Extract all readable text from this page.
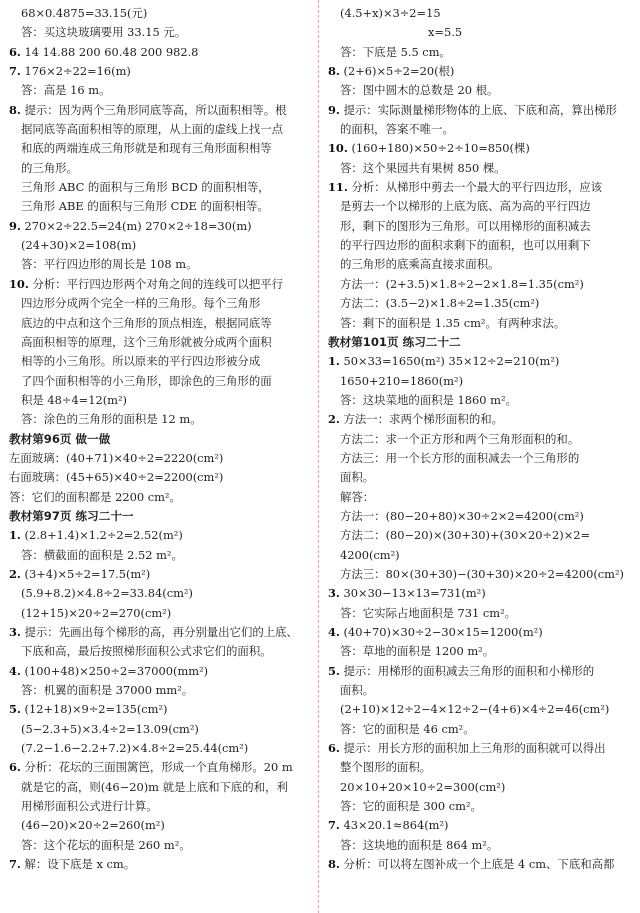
68×0.4875=33.15(元)
答：买这块玻璃要用 33.15 元。
6. 14 14.88 200 60.48 200 982.8
7. 176×2÷22=16(m)
答：高是 16 m。
8. 提示：因为两个三角形同底等高，所以面积相等。根
据同底等高面积相等的原理，从上面的虚线上找一点
和底的两端连成三角形就是和现有三角形面积相等
的三角形。
三角形 ABC 的面积与三角形 BCD 的面积相等，
三角形 ABE 的面积与三角形 CDE 的面积相等。
9. 270×2÷22.5=24(m) 270×2÷18=30(m)
(24+30)×2=108(m)
答：平行四边形的周长是 108 m。
10. 分析：平行四边形两个对角之间的连线可以把平行
四边形分成两个完全一样的三角形。每个三角形
底边的中点和这个三角形的顶点相连，根据同底等
高面积相等的原理，这个三角形就被分成两个面积
相等的小三角形。所以原来的平行四边形被分成
了四个面积相等的小三角形，即涂色的三角形的面
积是 48÷4=12(m²)
答：涂色的三角形的面积是 12 m。
教材第96页 做一做
左面玻璃：(40+71)×40÷2=2220(cm²)
右面玻璃：(45+65)×40÷2=2200(cm²)
答：它们的面积都是 2200 cm²。
教材第97页 练习二十一
1. (2.8+1.4)×1.2÷2=2.52(m²)
答：横截面的面积是 2.52 m²。
2. (3+4)×5÷2=17.5(m²)
(5.9+8.2)×4.8÷2=33.84(cm²)
(12+15)×20÷2=270(cm²)
3. 提示：先画出每个梯形的高，再分别量出它们的上底、
下底和高，最后按照梯形面积公式求它们的面积。
4. (100+48)×250÷2=37000(mm²)
答：机翼的面积是 37000 mm²。
5. (12+18)×9÷2=135(cm²)
(5−2.3+5)×3.4÷2=13.09(cm²)
(7.2−1.6−2.2+7.2)×4.8÷2=25.44(cm²)
6. 分析：花坛的三面围篱笆，形成一个直角梯形。20 m
就是它的高，则(46−20)m 就是上底和下底的和，利
用梯形面积公式进行计算。
(46−20)×20÷2=260(m²)
答：这个花坛的面积是 260 m²。
7. 解：设下底是 x cm。
(4.5+x)×3÷2=15
x=5.5
答：下底是 5.5 cm。
8. (2+6)×5÷2=20(根)
答：图中圆木的总数是 20 根。
9. 提示：实际测量梯形物体的上底、下底和高，算出梯形
的面积，答案不唯一。
10. (160+180)×50÷2÷10=850(棵)
答：这个果园共有果树 850 棵。
11. 分析：从梯形中剪去一个最大的平行四边形，应该
是剪去一个以梯形的上底为底、高为高的平行四边
形，剩下的图形为三角形。可以用梯形的面积减去
的平行四边形的面积求剩下的面积，也可以用剩下
的三角形的底乘高直接求面积。
方法一：(2+3.5)×1.8÷2−2×1.8=1.35(cm²)
方法二：(3.5−2)×1.8÷2=1.35(cm²)
答：剩下的面积是 1.35 cm²。有两种求法。
教材第101页 练习二十二
1. 50×33=1650(m²) 35×12÷2=210(m²)
1650+210=1860(m²)
答：这块菜地的面积是 1860 m²。
2. 方法一：求两个梯形面积的和。
方法二：求一个正方形和两个三角形面积的和。
方法三：用一个长方形的面积减去一个三角形的
面积。
解答：
方法一：(80−20+80)×30÷2×2=4200(cm²)
方法二：(80−20)×(30+30)+(30×20÷2)×2=
4200(cm²)
方法三：80×(30+30)−(30+30)×20÷2=4200(cm²)
3. 30×30−13×13=731(m²)
答：它实际占地面积是 731 cm²。
4. (40+70)×30÷2−30×15=1200(m²)
答：草地的面积是 1200 m²。
5. 提示：用梯形的面积减去三角形的面积和小梯形的
面积。
(2+10)×12÷2−4×12÷2−(4+6)×4÷2=46(cm²)
答：它的面积是 46 cm²。
6. 提示：用长方形的面积加上三角形的面积就可以得出
整个图形的面积。
20×10+20×10÷2=300(cm²)
答：它的面积是 300 cm²。
7. 43×20.1≈864(m²)
答：这块地的面积是 864 m²。
8. 分析：可以将左图补成一个上底是 4 cm、下底和高都
